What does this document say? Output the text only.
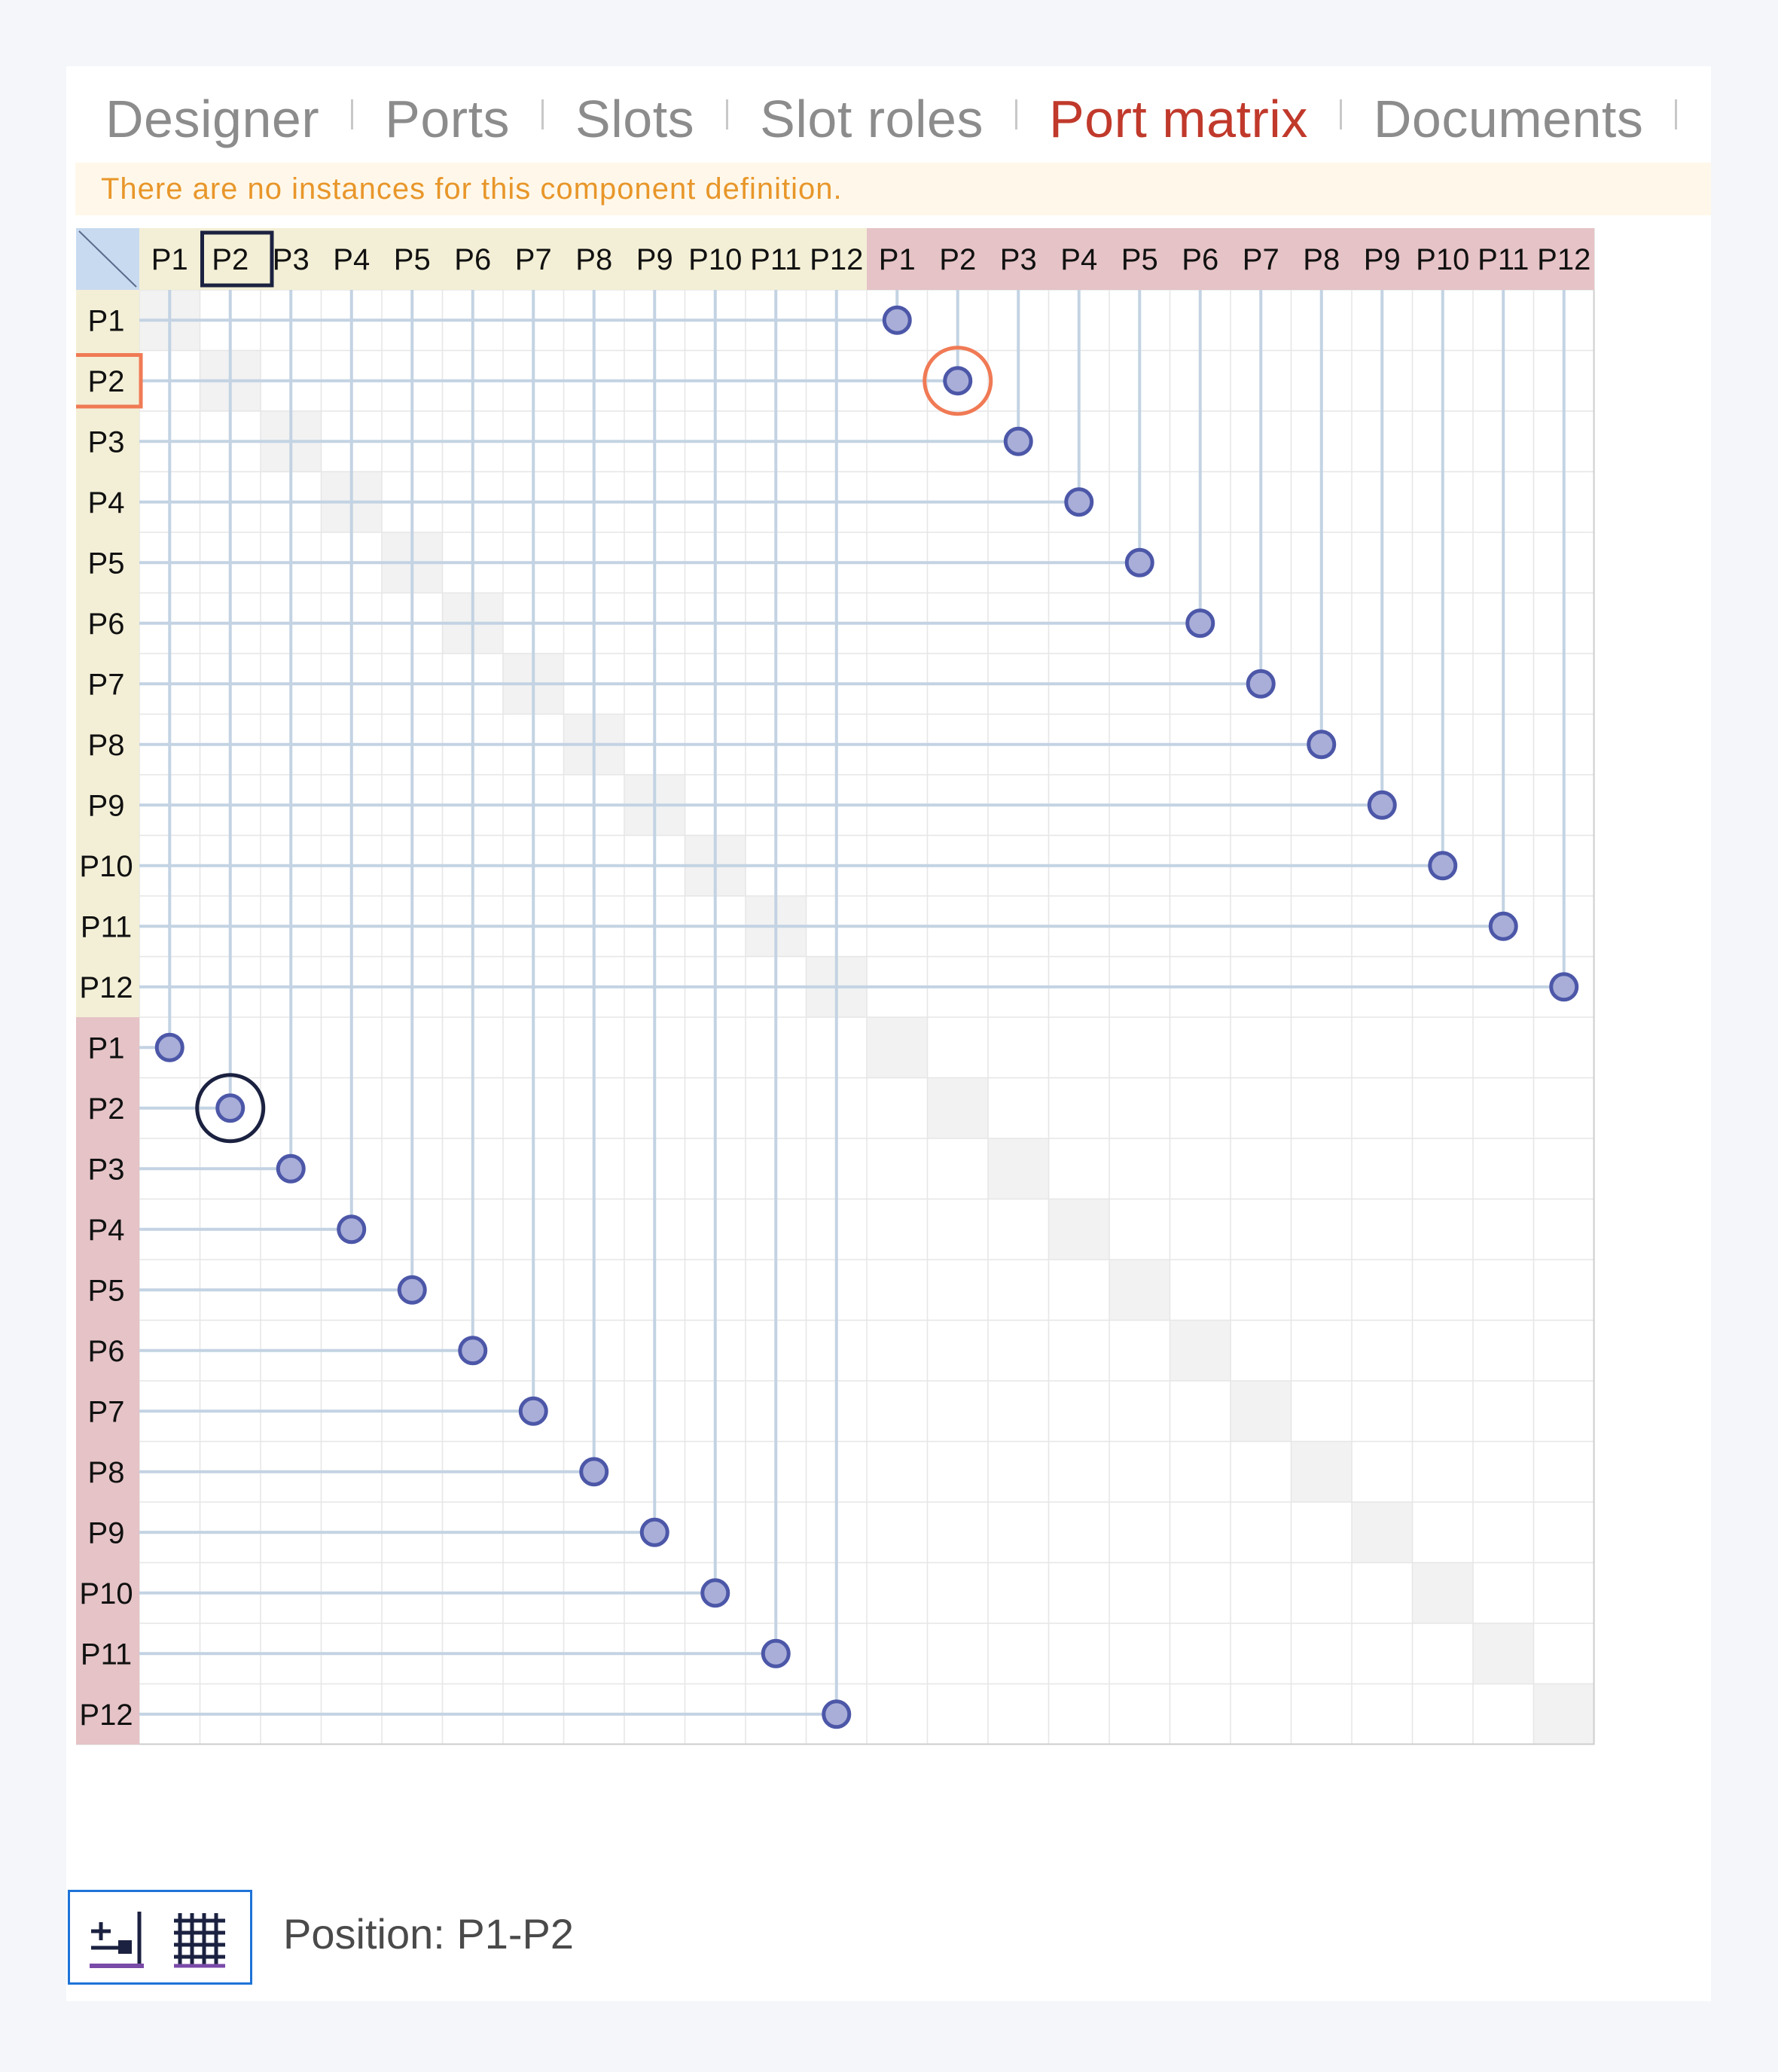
Designer Ports Slots Slot roles Port matrix Documents
There are no instances for this component definition.
Position: P1-P2
P1 P2 P3 P4 P5 P6 P7 P8 P9 P10 P11 P12 P1 P2 P3 P4 P5 P6 P7 P8 P9 P10 P11 P12
P1
P2
P3
P4
P5
P6
P7
P8
P9
P10
P11
P12
P1
P2
P3
P4
P5
P6
P7
P8
P9
P10
P11
P12
